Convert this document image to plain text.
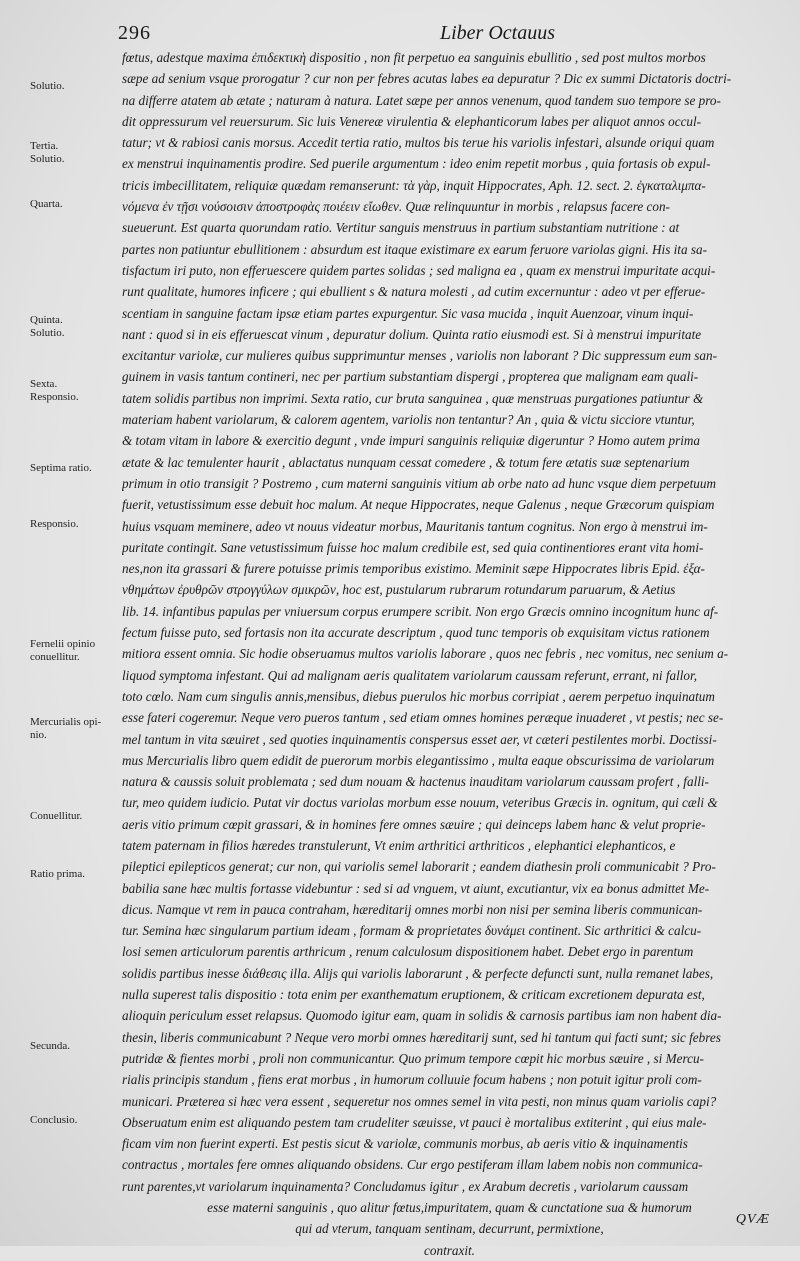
296	Liber Octauus
Solutio.
Tertia.
Solutio.
Quarta.
Quinta.
Solutio.
Sexta.
Responsio.
Septima ratio.
Responsio.
Fernelii opinio
conuellitur.
Mercurialis opi-
nio.
Conuellitur.
Ratio prima.
Secunda.
Conclusio.
fœtus, adestque maxima ἐπιδεκτικὴ dispositio , non fit perpetuo ea sanguinis ebullitio , sed post multos morbos
sæpe ad senium vsque prorogatur ? cur non per febres acutas labes ea depuratur ? Dic ex summi Dictatoris doctri-
na differre atatem ab ætate ; naturam à natura. Latet sæpe per annos venenum, quod tandem suo tempore se pro-
dit oppressurum vel reuersurum. Sic luis Venereæ virulentia & elephanticorum labes per aliquot annos occul-
tatur; vt & rabiosi canis morsus. Accedit tertia ratio, multos bis terue his variolis infestari, alsunde oriqui quam
ex menstrui inquinamentis prodire. Sed puerile argumentum : ideo enim repetit morbus , quia fortasis ob expul-
tricis imbecillitatem, reliquiæ quædam remanserunt: τὰ γὰρ, inquit Hippocrates, Aph. 12. sect. 2. ἐγκαταλιμπα-
νόμενα ἐν τῇσι νούσοισιν ἀποστροφὰς ποιέειν εἴωθεν. Quæ relinquuntur in morbis , relapsus facere con-
sueuerunt. Est quarta quorundam ratio. Vertitur sanguis menstruus in partium substantiam nutritione : at
partes non patiuntur ebullitionem : absurdum est itaque existimare ex earum feruore variolas gigni. His ita sa-
tisfactum iri puto, non efferuescere quidem partes solidas ; sed maligna ea , quam ex menstrui impuritate acqui-
runt qualitate, humores inficere ; qui ebullient s & natura molesti , ad cutim excernuntur : adeo vt per efferue-
scentiam in sanguine factam ipsæ etiam partes expurgentur. Sic vasa mucida , inquit Auenzoar, vinum inqui-
nant : quod si in eis efferuescat vinum , depuratur dolium. Quinta ratio eiusmodi est. Si à menstrui impuritate
excitantur variolæ, cur mulieres quibus supprimuntur menses , variolis non laborant ? Dic suppressum eum san-
guinem in vasis tantum contineri, nec per partium substantiam dispergi , propterea que malignam eam quali-
tatem solidis partibus non imprimi. Sexta ratio, cur bruta sanguinea , quæ menstruas purgationes patiuntur &
materiam habent variolarum, & calorem agentem, variolis non tentantur? An , quia & victu sicciore vtuntur,
& totam vitam in labore & exercitio degunt , vnde impuri sanguinis reliquiæ digeruntur ? Homo autem prima
ætate & lac temulenter haurit , ablactatus nunquam cessat comedere , & totum fere ætatis suæ septenarium
primum in otio transigit ? Postremo , cum materni sanguinis vitium ab orbe nato ad hunc vsque diem perpetuum
fuerit, vetustissimum esse debuit hoc malum. At neque Hippocrates, neque Galenus , neque Græcorum quispiam
huius vsquam meminere, adeo vt nouus videatur morbus, Mauritanis tantum cognitus. Non ergo à menstrui im-
puritate contingit. Sane vetustissimum fuisse hoc malum credibile est, sed quia continentiores erant vita homi-
nes,non ita grassari & furere potuisse primis temporibus existimo. Meminit sæpe Hippocrates libris Epid. ἐξα-
νθημάτων ἐρυθρῶν στρογγύλων σμικρῶν, hoc est, pustularum rubrarum rotundarum paruarum, & Aetius
lib. 14. infantibus papulas per vniuersum corpus erumpere scribit. Non ergo Græcis omnino incognitum hunc af-
fectum fuisse puto, sed fortasis non ita accurate descriptum , quod tunc temporis ob exquisitam victus rationem
mitiora essent omnia. Sic hodie obseruamus multos variolis laborare , quos nec febris , nec vomitus, nec senium a-
liquod symptoma infestant. Qui ad malignam aeris qualitatem variolarum caussam referunt, errant, ni fallor,
toto cœlo. Nam cum singulis annis,mensibus, diebus puerulos hic morbus corripiat , aerem perpetuo inquinatum
esse fateri cogeremur. Neque vero pueros tantum , sed etiam omnes homines peræque inuaderet , vt pestis; nec se-
mel tantum in vita sæuiret , sed quoties inquinamentis conspersus esset aer, vt cæteri pestilentes morbi. Doctissi-
mus Mercurialis libro quem edidit de puerorum morbis elegantissimo , multa eaque obscurissima de variolarum
natura & caussis soluit problemata ; sed dum nouam & hactenus inauditam variolarum caussam profert , falli-
tur, meo quidem iudicio. Putat vir doctus variolas morbum esse nouum, veteribus Græcis in. ognitum, qui cæli &
aeris vitio primum cœpit grassari, & in homines fere omnes sæuire ; qui deinceps labem hanc & velut proprie-
tatem paternam in filios hæredes transtulerunt, Vt enim arthritici arthriticos , elephantici elephanticos, e
pileptici epilepticos generat; cur non, qui variolis semel laborarit ; eandem diathesin proli communicabit ? Pro-
babilia sane hæc multis fortasse videbuntur : sed si ad vnguem, vt aiunt, excutiantur, vix ea bonus admittet Me-
dicus. Namque vt rem in pauca contraham, hæreditarij omnes morbi non nisi per semina liberis communican-
tur. Semina hæc singularum partium ideam , formam & proprietates δυνάμει continent. Sic arthritici & calcu-
losi semen articulorum parentis arthricum , renum calculosum dispositionem habet. Debet ergo in parentum
solidis partibus inesse διάθεσις illa. Alijs qui variolis laborarunt , & perfecte defuncti sunt, nulla remanet labes,
nulla superest talis dispositio : tota enim per exanthematum eruptionem, & criticam excretionem depurata est,
alioquin periculum esset relapsus. Quomodo igitur eam, quam in solidis & carnosis partibus iam non habent dia-
thesin, liberis communicabunt ? Neque vero morbi omnes hæreditarij sunt, sed hi tantum qui facti sunt; sic febres
putridæ & fientes morbi , proli non communicantur. Quo primum tempore cœpit hic morbus sæuire , si Mercu-
rialis principis standum , fiens erat morbus , in humorum colluuie focum habens ; non potuit igitur proli com-
municari. Præterea si hæc vera essent , sequeretur nos omnes semel in vita pesti, non minus quam variolis capi?
Obseruatum enim est aliquando pestem tam crudeliter sæuisse, vt pauci è mortalibus extiterint , qui eius male-
ficam vim non fuerint experti. Est pestis sicut & variolæ, communis morbus, ab aeris vitio & inquinamentis
contractus , mortales fere omnes aliquando obsidens. Cur ergo pestiferam illam labem nobis non communica-
runt parentes,vt variolarum inquinamenta? Concludamus igitur , ex Arabum decretis , variolarum caussam
esse materni sanguinis , quo alitur fœtus,impuritatem, quam & cunctatione sua & humorum
qui ad vterum, tanquam sentinam, decurrunt, permixtione,
contraxit.
QVÆ
